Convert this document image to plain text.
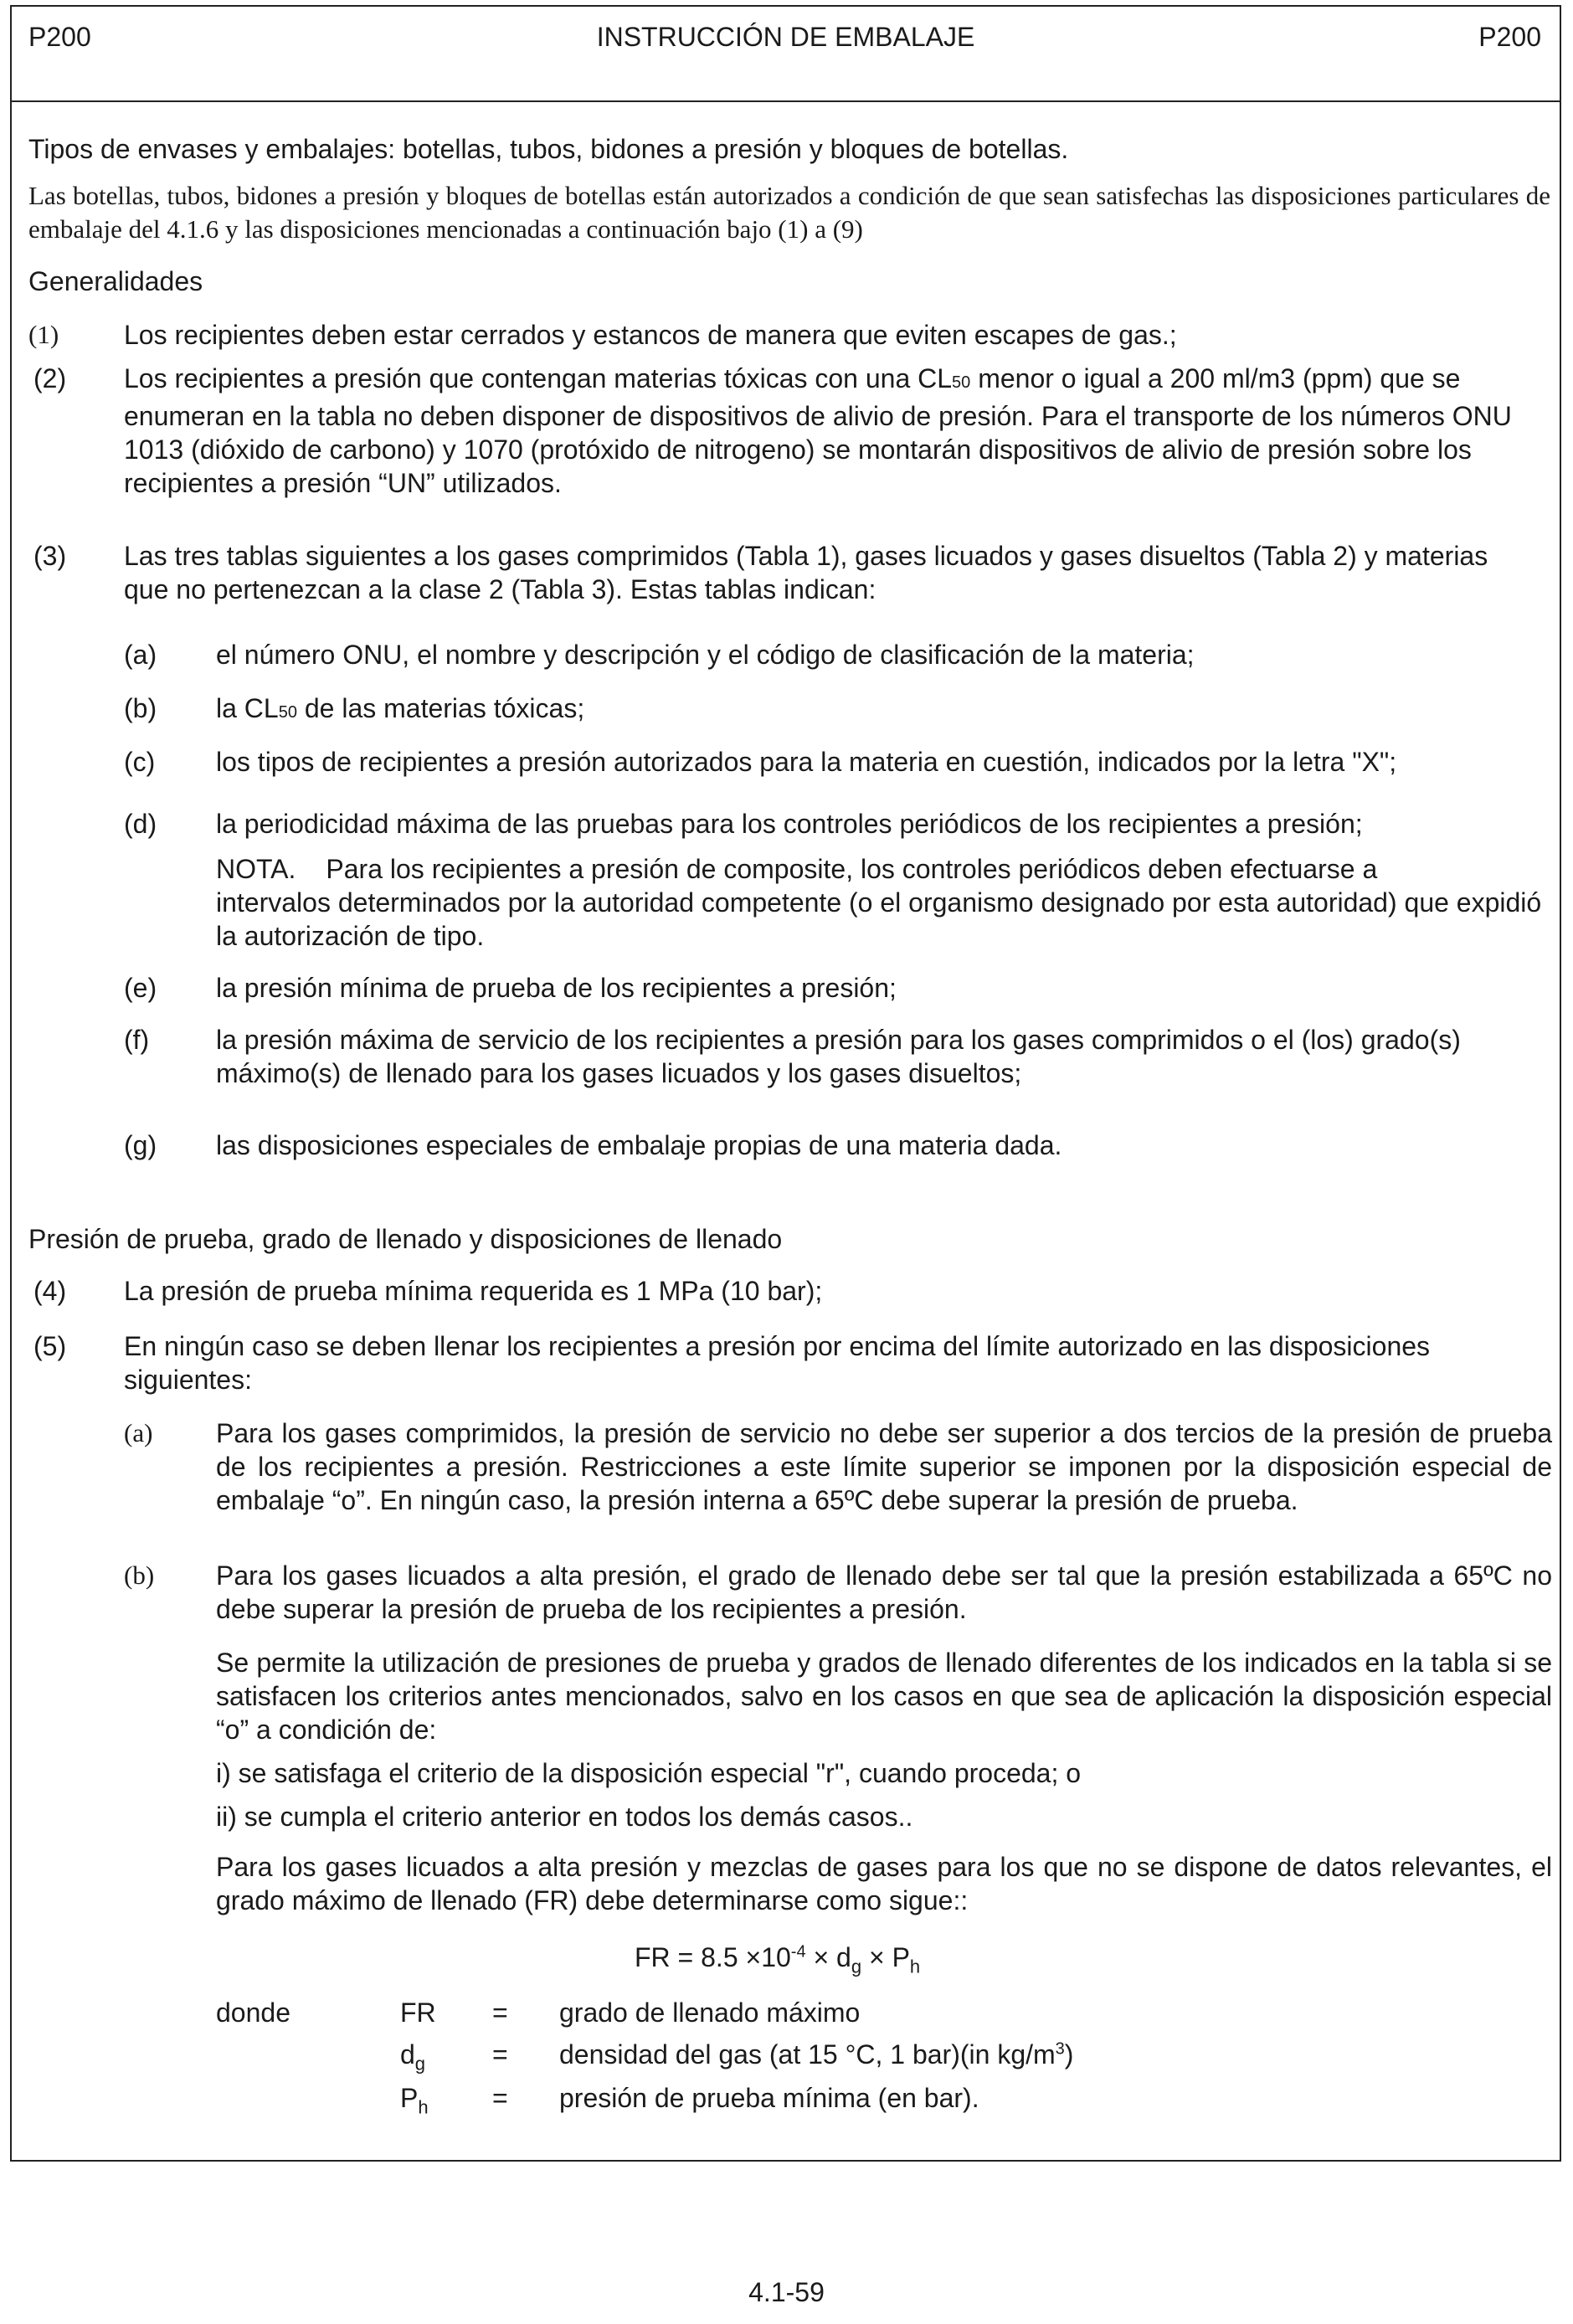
P200	INSTRUCCIÓN DE EMBALAJE	P200
Tipos de envases y embalajes: botellas, tubos, bidones a presión y bloques de botellas.
Las botellas, tubos, bidones a presión y bloques de botellas están autorizados a condición de que sean satisfechas las disposiciones particulares de embalaje del 4.1.6 y las disposiciones mencionadas a continuación bajo (1) a (9)
Generalidades
(1) Los recipientes deben estar cerrados y estancos de manera que eviten escapes de gas.;
(2) Los recipientes a presión que contengan materias tóxicas con una CL50 menor o igual a 200 ml/m3 (ppm) que se enumeran en la tabla no deben disponer de dispositivos de alivio de presión. Para el transporte de los números ONU 1013 (dióxido de carbono) y 1070 (protóxido de nitrogeno) se montarán dispositivos de alivio de presión sobre los recipientes a presión “UN” utilizados.
(3) Las tres tablas siguientes a los gases comprimidos (Tabla 1), gases licuados y gases disueltos (Tabla 2) y materias que no pertenezcan a la clase 2 (Tabla 3). Estas tablas indican:
(a) el número ONU, el nombre y descripción y el código de clasificación de la materia;
(b) la CL50 de las materias tóxicas;
(c) los tipos de recipientes a presión autorizados para la materia en cuestión, indicados por la letra "X";
(d) la periodicidad máxima de las pruebas para los controles periódicos de los recipientes a presión;
NOTA. Para los recipientes a presión de composite, los controles periódicos deben efectuarse a
intervalos determinados por la autoridad competente (o el organismo designado por esta autoridad) que expidió la autorización de tipo.
(e) la presión mínima de prueba de los recipientes a presión;
(f) la presión máxima de servicio de los recipientes a presión para los gases comprimidos o el (los) grado(s) máximo(s) de llenado para los gases licuados y los gases disueltos;
(g) las disposiciones especiales de embalaje propias de una materia dada.
Presión de prueba, grado de llenado y disposiciones de llenado
(4) La presión de prueba mínima requerida es 1 MPa (10 bar);
(5) En ningún caso se deben llenar los recipientes a presión por encima del límite autorizado en las disposiciones siguientes:
(a) Para los gases comprimidos, la presión de servicio no debe ser superior a dos tercios de la presión de prueba de los recipientes a presión. Restricciones a este límite superior se imponen por la disposición especial de embalaje “o”. En ningún caso, la presión interna a 65ºC debe superar la presión de prueba.
(b) Para los gases licuados a alta presión, el grado de llenado debe ser tal que la presión estabilizada a 65ºC no debe superar la presión de prueba de los recipientes a presión.
Se permite la utilización de presiones de prueba y grados de llenado diferentes de los indicados en la tabla si se satisfacen los criterios antes mencionados, salvo en los casos en que sea de aplicación la disposición especial “o” a condición de:
i) se satisfaga el criterio de la disposición especial "r", cuando proceda; o
ii) se cumpla el criterio anterior en todos los demás casos..
Para los gases licuados a alta presión y mezclas de gases para los que no se dispone de datos relevantes, el grado máximo de llenado (FR) debe determinarse como sigue::
FR = $8.5 \times 10^{-4} \times d_g \times P_h$
donde	FR = grado de llenado máximo
$d_g$ = densidad del gas (at 15 °C, 1 bar)(in $kg/m^3$)
$P_h$ = presión de prueba mínima (en bar).
4.1-59
